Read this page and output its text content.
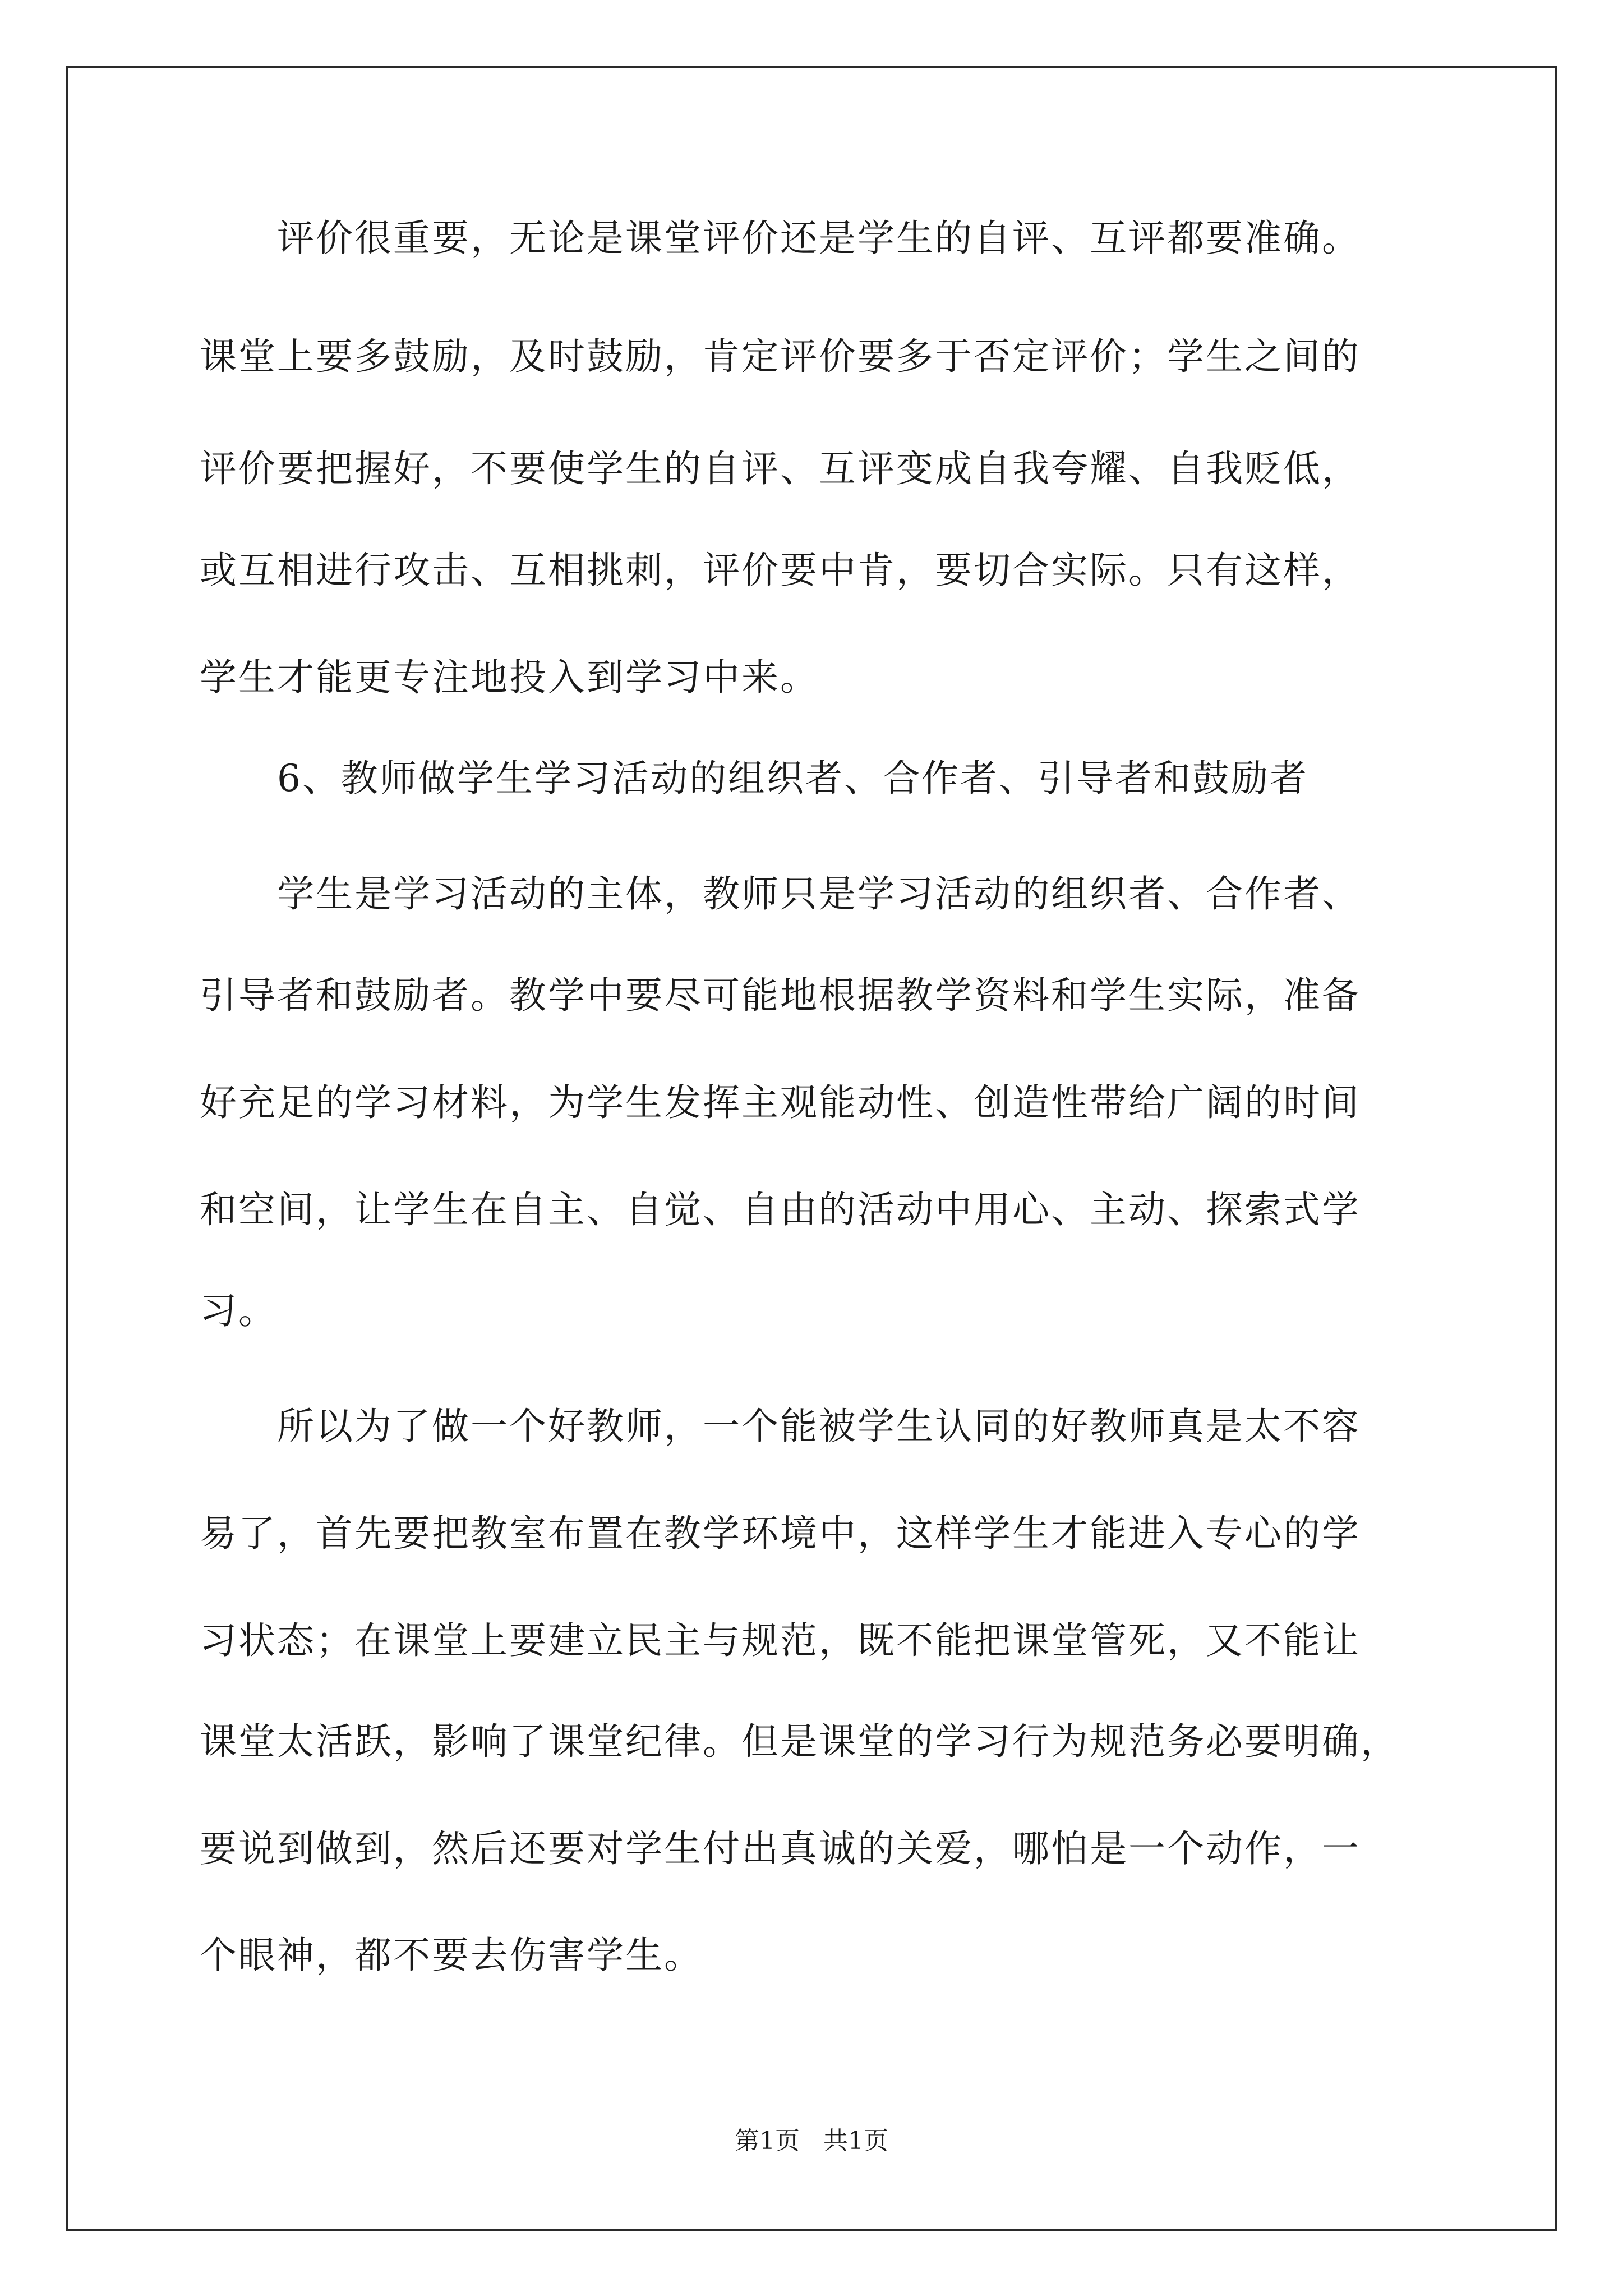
　　评价很重要，无论是课堂评价还是学生的自评、互评都要准确。
课堂上要多鼓励，及时鼓励，肯定评价要多于否定评价；学生之间的
评价要把握好，不要使学生的自评、互评变成自我夸耀、自我贬低，
或互相进行攻击、互相挑刺，评价要中肯，要切合实际。只有这样，
学生才能更专注地投入到学习中来。
　　6、教师做学生学习活动的组织者、合作者、引导者和鼓励者
　　学生是学习活动的主体，教师只是学习活动的组织者、合作者、
引导者和鼓励者。教学中要尽可能地根据教学资料和学生实际，准备
好充足的学习材料，为学生发挥主观能动性、创造性带给广阔的时间
和空间，让学生在自主、自觉、自由的活动中用心、主动、探索式学
习。
　　所以为了做一个好教师，一个能被学生认同的好教师真是太不容
易了，首先要把教室布置在教学环境中，这样学生才能进入专心的学
习状态；在课堂上要建立民主与规范，既不能把课堂管死，又不能让
课堂太活跃，影响了课堂纪律。但是课堂的学习行为规范务必要明确，
要说到做到，然后还要对学生付出真诚的关爱，哪怕是一个动作，一
个眼神，都不要去伤害学生。
第1页   共1页
